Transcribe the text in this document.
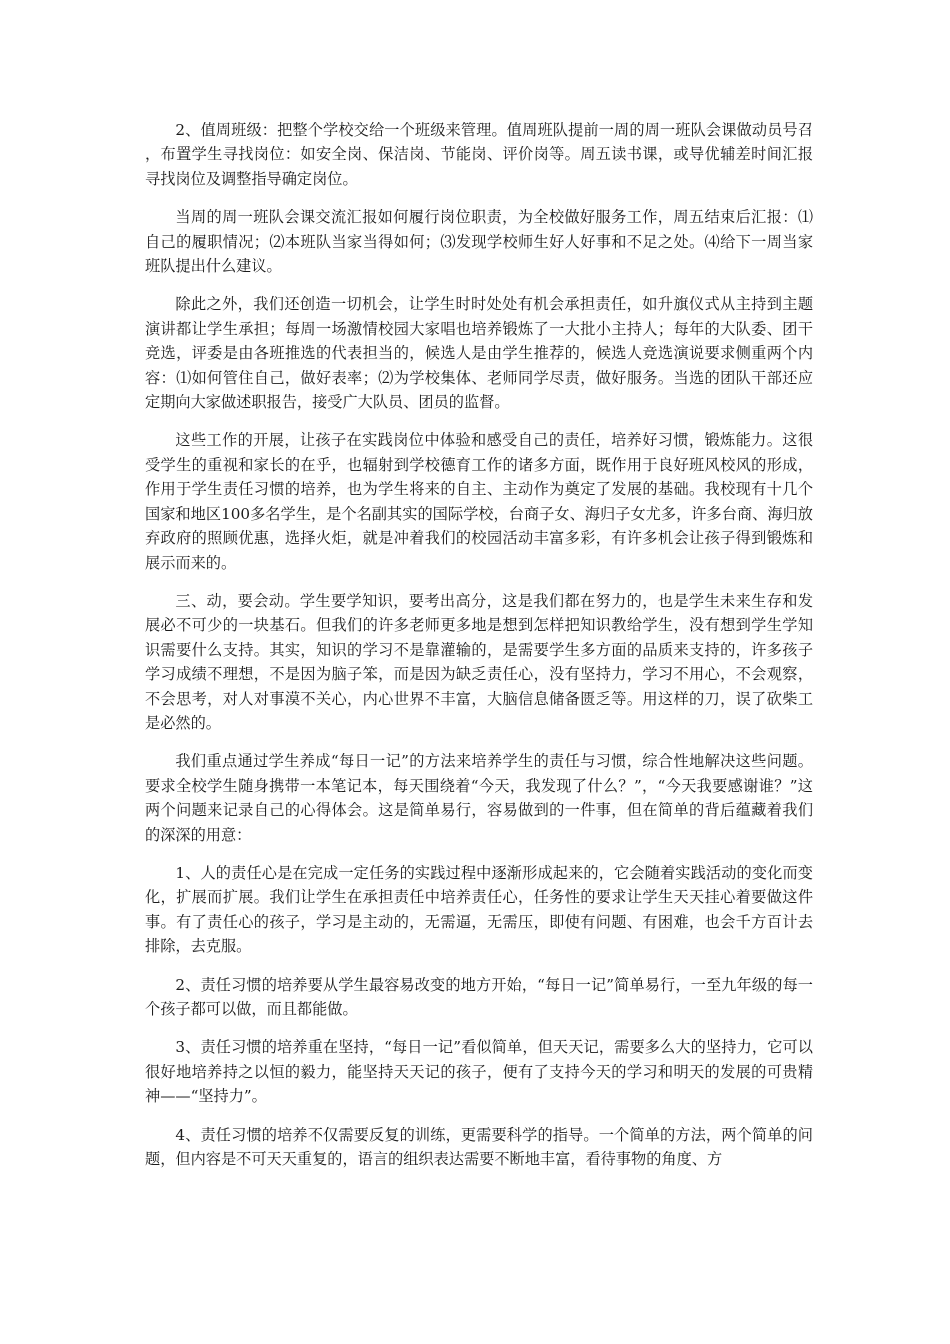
2、值周班级：把整个学校交给一个班级来管理。值周班队提前一周的周一班队会课做动员号召，布置学生寻找岗位：如安全岗、保洁岗、节能岗、评价岗等。周五读书课，或导优辅差时间汇报寻找岗位及调整指导确定岗位。

当周的周一班队会课交流汇报如何履行岗位职责，为全校做好服务工作，周五结束后汇报：⑴自己的履职情况；⑵本班队当家当得如何；⑶发现学校师生好人好事和不足之处。⑷给下一周当家班队提出什么建议。

除此之外，我们还创造一切机会，让学生时时处处有机会承担责任，如升旗仪式从主持到主题演讲都让学生承担；每周一场激情校园大家唱也培养锻炼了一大批小主持人；每年的大队委、团干竞选，评委是由各班推选的代表担当的，候选人是由学生推荐的，候选人竞选演说要求侧重两个内容：⑴如何管住自己，做好表率；⑵为学校集体、老师同学尽责，做好服务。当选的团队干部还应定期向大家做述职报告，接受广大队员、团员的监督。

这些工作的开展，让孩子在实践岗位中体验和感受自己的责任，培养好习惯，锻炼能力。这很受学生的重视和家长的在乎，也辐射到学校德育工作的诸多方面，既作用于良好班风校风的形成，作用于学生责任习惯的培养，也为学生将来的自主、主动作为奠定了发展的基础。我校现有十几个国家和地区100多名学生，是个名副其实的国际学校，台商子女、海归子女尤多，许多台商、海归放弃政府的照顾优惠，选择火炬，就是冲着我们的校园活动丰富多彩，有许多机会让孩子得到锻炼和展示而来的。

三、动，要会动。学生要学知识，要考出高分，这是我们都在努力的，也是学生未来生存和发展必不可少的一块基石。但我们的许多老师更多地是想到怎样把知识教给学生，没有想到学生学知识需要什么支持。其实，知识的学习不是靠灌输的，是需要学生多方面的品质来支持的，许多孩子学习成绩不理想，不是因为脑子笨，而是因为缺乏责任心，没有坚持力，学习不用心，不会观察，不会思考，对人对事漠不关心，内心世界不丰富，大脑信息储备匮乏等。用这样的刀，误了砍柴工是必然的。

我们重点通过学生养成“每日一记”的方法来培养学生的责任与习惯，综合性地解决这些问题。要求全校学生随身携带一本笔记本，每天围绕着“今天，我发现了什么？”，“今天我要感谢谁？”这两个问题来记录自己的心得体会。这是简单易行，容易做到的一件事，但在简单的背后蕴藏着我们的深深的用意：

1、人的责任心是在完成一定任务的实践过程中逐渐形成起来的，它会随着实践活动的变化而变化，扩展而扩展。我们让学生在承担责任中培养责任心，任务性的要求让学生天天挂心着要做这件事。有了责任心的孩子，学习是主动的，无需逼，无需压，即使有问题、有困难，也会千方百计去排除，去克服。

2、责任习惯的培养要从学生最容易改变的地方开始，“每日一记”简单易行，一至九年级的每一个孩子都可以做，而且都能做。

3、责任习惯的培养重在坚持，“每日一记”看似简单，但天天记，需要多么大的坚持力，它可以很好地培养持之以恒的毅力，能坚持天天记的孩子，便有了支持今天的学习和明天的发展的可贵精神——“坚持力”。

4、责任习惯的培养不仅需要反复的训练，更需要科学的指导。一个简单的方法，两个简单的问题，但内容是不可天天重复的，语言的组织表达需要不断地丰富，看待事物的角度、方
